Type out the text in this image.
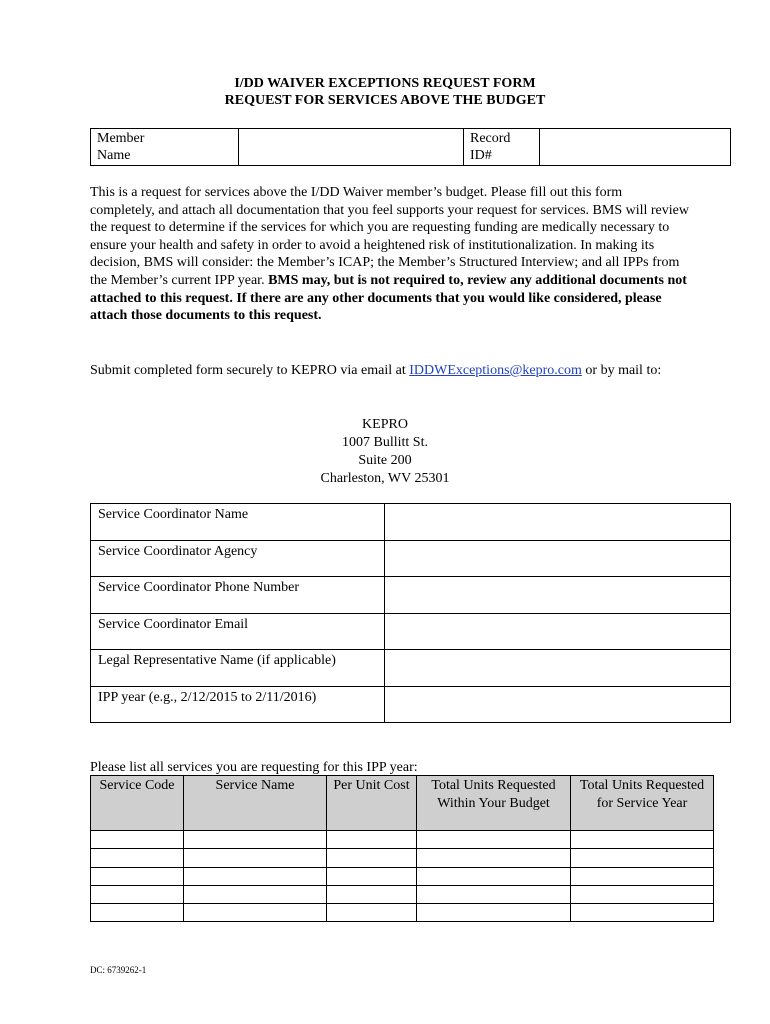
I/DD WAIVER EXCEPTIONS REQUEST FORM
REQUEST FOR SERVICES ABOVE THE BUDGET
Member
Name

Record
ID#

This is a request for services above the I/DD Waiver member’s budget. Please fill out this form completely, and attach all documentation that you feel supports your request for services. BMS will review the request to determine if the services for which you are requesting funding are medically necessary to ensure your health and safety in order to avoid a heightened risk of institutionalization. In making its decision, BMS will consider: the Member’s ICAP; the Member’s Structured Interview; and all IPPs from the Member’s current IPP year. BMS may, but is not required to, review any additional documents not attached to this request. If there are any other documents that you would like considered, please attach those documents to this request.
Submit completed form securely to KEPRO via email at IDDWExceptions@kepro.com or by mail to:
KEPRO
1007 Bullitt St.
Suite 200
Charleston, WV 25301
Service Coordinator Name	
Service Coordinator Agency	
Service Coordinator Phone Number	
Service Coordinator Email	
Legal Representative Name (if applicable)	
IPP year (e.g., 2/12/2015 to 2/11/2016)	
Please list all services you are requesting for this IPP year:
Service Code	Service Name	Per Unit Cost	Total Units Requested Within Your Budget	Total Units Requested for Service Year

DC: 6739262-1
